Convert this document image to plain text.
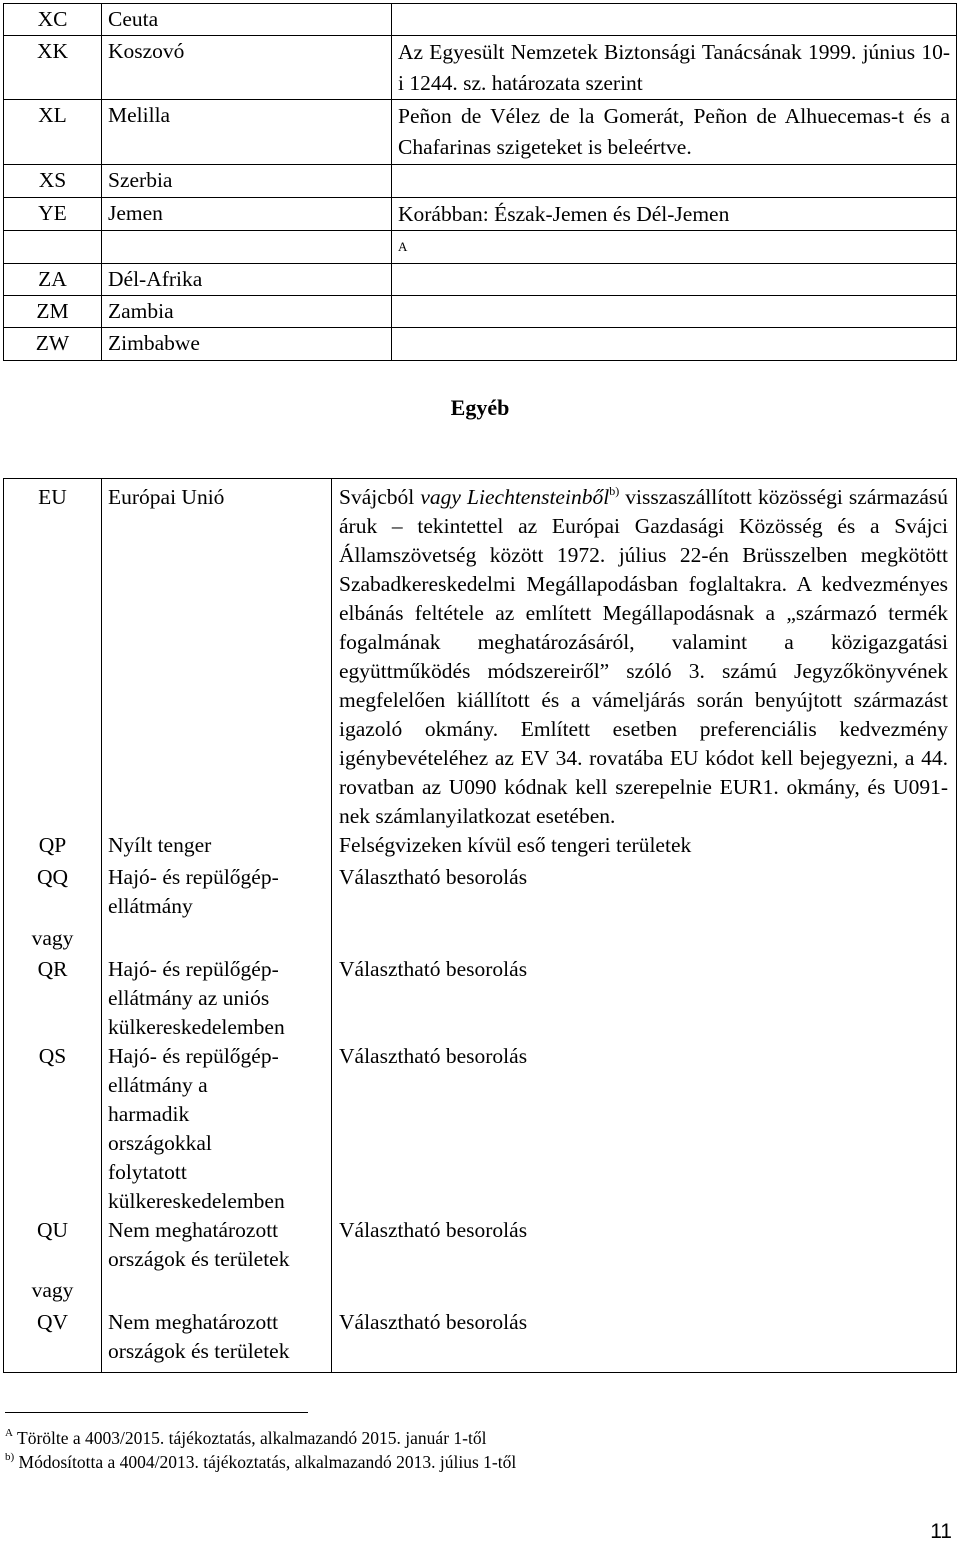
XC	Ceuta	
XK	Koszovó	Az Egyesült Nemzetek Biztonsági Tanácsának 1999. június 10-i 1244. sz. határozata szerint
XL	Melilla	Peñon de Vélez de la Gomerát, Peñon de Alhuecemas-t és a Chafarinas szigeteket is beleértve.
XS	Szerbia	
YE	Jemen	Korábban: Észak-Jemen és Dél-Jemen
		A
ZA	Dél-Afrika	
ZM	Zambia	
ZW	Zimbabwe	
Egyéb
EU	Európai Unió	Svájcból vagy Liechtensteinből$^{b)}$ visszaszállított közösségi származású áruk – tekintettel az Európai Gazdasági Közösség és a Svájci Államszövetség között 1972. július 22-én Brüsszelben megkötött Szabadkereskedelmi Megállapodásban foglaltakra. A kedvezményes elbánás feltétele az említett Megállapodásnak a „származó termék fogalmának meghatározásáról, valamint a közigazgatási együttműködés módszereiről” szóló 3. számú Jegyzőkönyvének megfelelően kiállított és a vámeljárás során benyújtott származást igazoló okmány. Említett esetben preferenciális kedvezmény igénybevételéhez az EV 34. rovatába EU kódot kell bejegyezni, a 44. rovatban az U090 kódnak kell szerepelnie EUR1. okmány, és U091-nek számlanyilatkozat esetében.
QP	Nyílt tenger	Felségvizeken kívül eső tengeri területek
QQ	Hajó- és repülőgép-ellátmány	Választható besorolás
vagy		
QR	Hajó- és repülőgép-ellátmány az uniós külkereskedelemben	Választható besorolás
QS	Hajó- és repülőgép-ellátmány a harmadik országokkal folytatott külkereskedelemben	Választható besorolás
QU	Nem meghatározott országok és területek	Választható besorolás
vagy		
QV	Nem meghatározott országok és területek	Választható besorolás
$^A$ Törölte a 4003/2015. tájékoztatás, alkalmazandó 2015. január 1-től
$^{b)}$ Módosította a 4004/2013. tájékoztatás, alkalmazandó 2013. július 1-től
11
